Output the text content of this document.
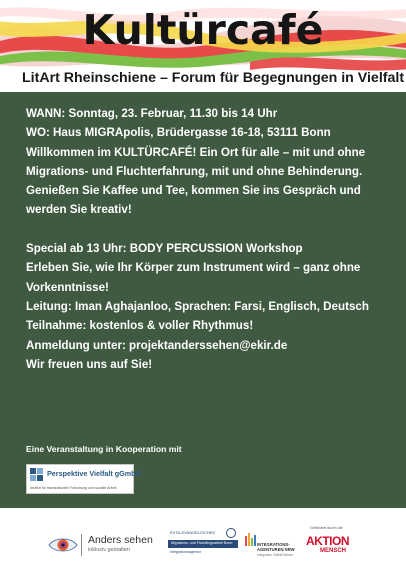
Kultürcafé
LitArt Rheinschiene – Forum für Begegnungen in Vielfalt
WANN: Sonntag, 23. Februar, 11.30 bis 14 Uhr
WO: Haus MIGRApolis, Brüdergasse 16-18, 53111 Bonn
Willkommen im KULTÜRCAFÉ! Ein Ort für alle – mit und ohne
Migrations- und Fluchterfahrung, mit und ohne Behinderung.
Genießen Sie Kaffee und Tee, kommen Sie ins Gespräch und
werden Sie kreativ!
Special ab 13 Uhr: BODY PERCUSSION Workshop
Erleben Sie, wie Ihr Körper zum Instrument wird – ganz ohne
Vorkenntnisse!
Leitung: Iman Aghajanloo, Sprachen: Farsi, Englisch, Deutsch
Teilnahme: kostenlos & voller Rhythmus!
Anmeldung unter: projektanderssehen@ekir.de
Wir freuen uns auf Sie!
Eine Veranstaltung in Kooperation mit
Perspektive Vielfalt gGmbH
Institut für transkulturelle Forschung und soziale Arbeit
Anders sehen
inklusiv gestalten
EVTA-EVANGELISCHES
Migrations- und Flüchtlingsarbeit Bonn
Integrationsagentur
INTEGRATIONS-
AGENTUREN NRW
Integration Vielfalt Wirken
Gefördert durch die
AKTION
MENSCH
